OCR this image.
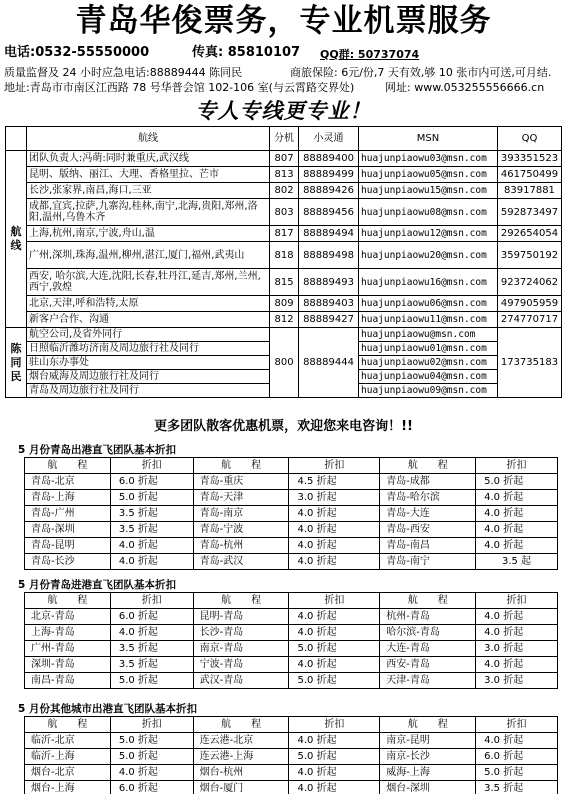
青岛华俊票务，专业机票服务
电话:0532-55550000	传真: 85810107 QQ群: 50737074
质量监督及 24 小时应急电话:88889444 陈同民	商旅保险: 6元/份,7 天有效,够 10 张市内可送,可月结.
地址:青岛市市南区江西路 78 号华普会馆 102-106 室(与云霄路交界处)	网址: www.053255556666.cn
专人专线更专业！
	航线	分机	小灵通	MSN	QQ
航线	团队负责人:冯萌:同时兼重庆,武汉线	807	88889400	huajunpiaowu03@msn.com	393351523
	昆明、版纳、丽江、大理、香格里拉、芒市	813	88889499	huajunpiaowu05@msn.com	461750499
	长沙,张家界,南昌,海口,三亚	802	88889426	huajunpiaowu15@msn.com	83917881
	成都,宜宾,拉萨,九寨沟,桂林,南宁,北海,贵阳,郑州,洛阳,温州,乌鲁木齐	803	88889456	huajunpiaowu08@msn.com	592873497
	上海,杭州,南京,宁波,舟山,温	817	88889494	huajunpiaowu12@msn.com	292654054
	广州,深圳,珠海,温州,柳州,湛江,厦门,福州,武夷山	818	88889498	huajunpiaowu20@msn.com	359750192
	西安, 哈尔滨,大连,沈阳,长春,牡丹江,延吉,郑州,兰州,西宁,敦煌	815	88889493	huajunpiaowu16@msn.com	923724062
	北京,天津,呼和浩特,太原	809	88889403	huajunpiaowu06@msn.com	497905959
	新客户合作、沟通	812	88889427	huajunpiaowu11@msn.com	274770717
陈同民	航空公司,及省外同行	800	88889444	huajunpiaowu@msn.com	173735183
	日照临沂潍坊济南及周边旅行社及同行			huajunpiaowu01@msn.com	
	驻山东办事处			huajunpiaowu02@msn.com	
	烟台威海及周边旅行社及同行			huajunpiaowu04@msn.com	
	青岛及周边旅行社及同行			huajunpiaowu09@msn.com	
更多团队散客优惠机票，欢迎您来电咨询！!!
5 月份青岛出港直飞团队基本折扣
航　　程	折扣	航　　程	折扣	航　　程	折扣
青岛-北京	6.0 折起	青岛-重庆	4.5 折起	青岛-成都	5.0 折起
青岛-上海	5.0 折起	青岛-天津	3.0 折起	青岛-哈尔滨	4.0 折起
青岛-广州	3.5 折起	青岛-南京	4.0 折起	青岛-大连	4.0 折起
青岛-深圳	3.5 折起	青岛-宁波	4.0 折起	青岛-西安	4.0 折起
青岛-昆明	4.0 折起	青岛-杭州	4.0 折起	青岛-南昌	4.0 折起
青岛-长沙	4.0 折起	青岛-武汉	4.0 折起	青岛-南宁	3.5 起
5 月份青岛进港直飞团队基本折扣
航　　程	折扣	航　　程	折扣	航　　程	折扣
北京-青岛	6.0 折起	昆明-青岛	4.0 折起	杭州-青岛	4.0 折起
上海-青岛	4.0 折起	长沙-青岛	4.0 折起	哈尔滨-青岛	4.0 折起
广州-青岛	3.5 折起	南京-青岛	5.0 折起	大连-青岛	3.0 折起
深圳-青岛	3.5 折起	宁波-青岛	4.0 折起	西安-青岛	4.0 折起
南昌-青岛	5.0 折起	武汉-青岛	5.0 折起	天津-青岛	3.0 折起
5 月份其他城市出港直飞团队基本折扣
航　　程	折扣	航　　程	折扣	航　　程	折扣
临沂-北京	5.0 折起	连云港-北京	4.0 折起	南京-昆明	4.0 折起
临沂-上海	5.0 折起	连云港-上海	5.0 折起	南京-长沙	6.0 折起
烟台-北京	4.0 折起	烟台-杭州	4.0 折起	威海-上海	5.0 折起
烟台-上海	6.0 折起	烟台-厦门	4.0 折起	烟台-深圳	3.5 折起
